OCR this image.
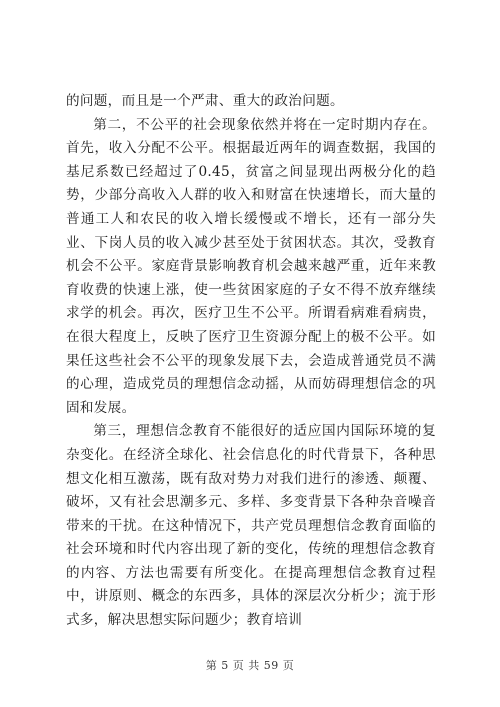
的问题，而且是一个严肃、重大的政治问题。

第二，不公平的社会现象依然并将在一定时期内存在。首先，收入分配不公平。根据最近两年的调查数据，我国的基尼系数已经超过了0.45，贫富之间显现出两极分化的趋势，少部分高收入人群的收入和财富在快速增长，而大量的普通工人和农民的收入增长缓慢或不增长，还有一部分失业、下岗人员的收入减少甚至处于贫困状态。其次，受教育机会不公平。家庭背景影响教育机会越来越严重，近年来教育收费的快速上涨，使一些贫困家庭的子女不得不放弃继续求学的机会。再次，医疗卫生不公平。所谓看病难看病贵，在很大程度上，反映了医疗卫生资源分配上的极不公平。如果任这些社会不公平的现象发展下去，会造成普通党员不满的心理，造成党员的理想信念动摇，从而妨碍理想信念的巩固和发展。

第三，理想信念教育不能很好的适应国内国际环境的复杂变化。在经济全球化、社会信息化的时代背景下，各种思想文化相互激荡，既有敌对势力对我们进行的渗透、颠覆、破坏，又有社会思潮多元、多样、多变背景下各种杂音噪音带来的干扰。在这种情况下，共产党员理想信念教育面临的社会环境和时代内容出现了新的变化，传统的理想信念教育的内容、方法也需要有所变化。在提高理想信念教育过程中，讲原则、概念的东西多，具体的深层次分析少；流于形式多，解决思想实际问题少；教育培训

第 5 页 共 59 页
